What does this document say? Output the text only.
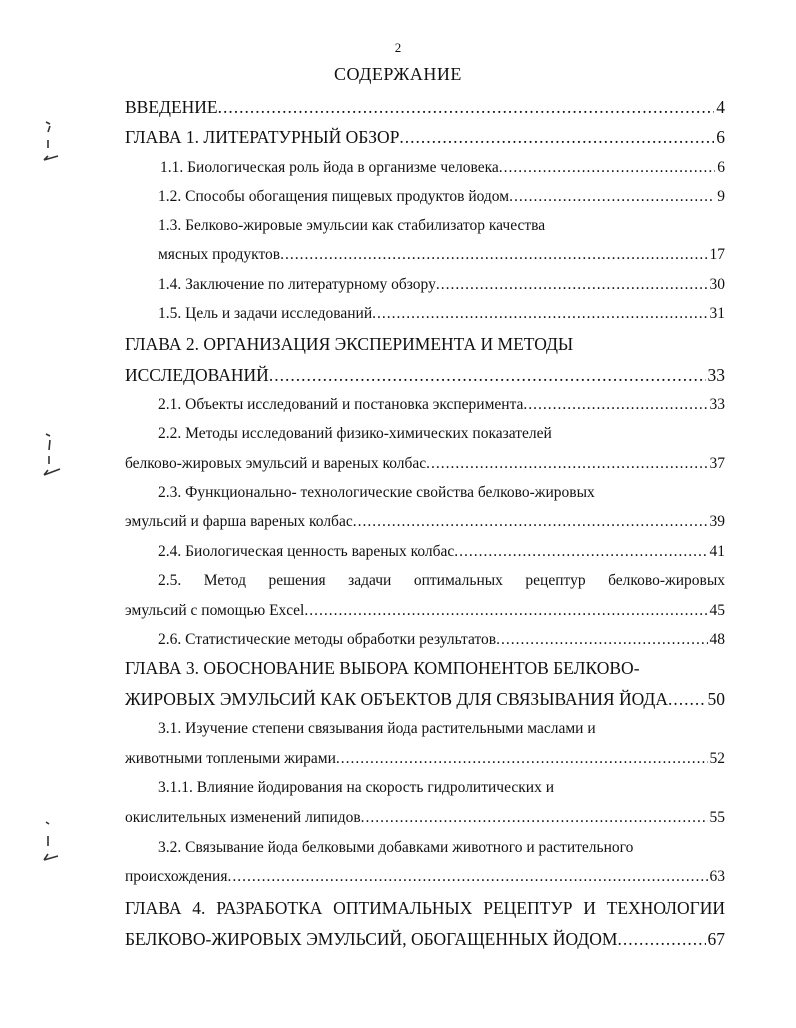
2
СОДЕРЖАНИЕ
ВВЕДЕНИЕ .....	4
ГЛАВА 1. ЛИТЕРАТУРНЫЙ ОБЗОР .....	6
1.1. Биологическая роль йода в организме человека .....	6
1.2. Способы обогащения пищевых продуктов йодом .....	9
1.3. Белково-жировые эмульсии как стабилизатор качества
мясных продуктов .....	17
1.4. Заключение по литературному обзору .....	30
1.5. Цель и задачи исследований .....	31
ГЛАВА 2. ОРГАНИЗАЦИЯ ЭКСПЕРИМЕНТА И МЕТОДЫ
ИССЛЕДОВАНИЙ .....	33
2.1. Объекты исследований и постановка эксперимента .....	33
2.2. Методы исследований физико-химических показателей
белково-жировых эмульсий и вареных колбас .....	37
2.3. Функционально- технологические свойства белково-жировых
эмульсий и фарша вареных колбас .....	39
2.4. Биологическая ценность вареных колбас .....	41
2.5. Метод решения задачи оптимальных рецептур белково-жировых
эмульсий с помощью Excel .....	45
2.6. Статистические методы обработки результатов .....	48
ГЛАВА 3. ОБОСНОВАНИЕ ВЫБОРА КОМПОНЕНТОВ БЕЛКОВО-
ЖИРОВЫХ ЭМУЛЬСИЙ КАК ОБЪЕКТОВ ДЛЯ СВЯЗЫВАНИЯ ЙОДА ..... 50
3.1. Изучение степени связывания йода растительными маслами и
животными топлеными жирами .....	52
3.1.1. Влияние йодирования на скорость гидролитических и
окислительных изменений липидов .....	55
3.2. Связывание йода белковыми добавками животного и растительного
происхождения .....	63
ГЛАВА 4. РАЗРАБОТКА ОПТИМАЛЬНЫХ РЕЦЕПТУР И ТЕХНОЛОГИИ
БЕЛКОВО-ЖИРОВЫХ ЭМУЛЬСИЙ, ОБОГАЩЕННЫХ ЙОДОМ .....	67
